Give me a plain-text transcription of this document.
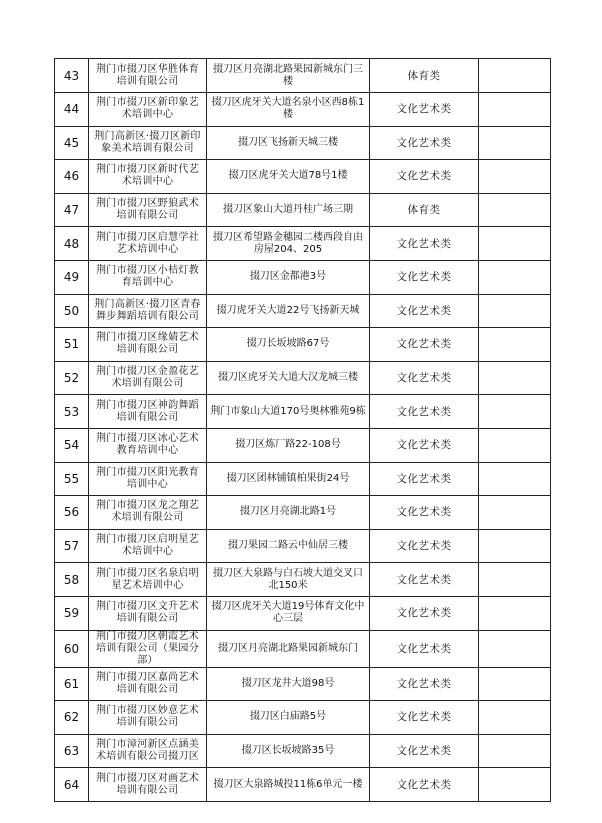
43	荆门市掇刀区华胜体育培训有限公司	掇刀区月亮湖北路果园新城东门三楼	体育类	
44	荆门市掇刀区新印象艺术培训中心	掇刀区虎牙关大道名泉小区西8栋1楼	文化艺术类	
45	荆门高新区·掇刀区新印象美术培训有限公司	掇刀区飞扬新天城三楼	文化艺术类	
46	荆门市掇刀区新时代艺术培训中心	掇刀区虎牙关大道78号1楼	文化艺术类	
47	荆门市掇刀区野狼武术培训有限公司	掇刀区象山大道丹桂广场三期	体育类	
48	荆门市掇刀区启慧学社艺术培训中心	掇刀区希望路金穗园二楼西段自由房屋204、205	文化艺术类	
49	荆门市掇刀区小桔灯教育培训中心	掇刀区金都港3号	文化艺术类	
50	荆门高新区·掇刀区青春舞步舞蹈培训有限公司	掇刀虎牙关大道22号飞扬新天城	文化艺术类	
51	荆门市掇刀区缘婧艺术培训有限公司	掇刀长坂坡路67号	文化艺术类	
52	荆门市掇刀区金盈花艺术培训有限公司	掇刀区虎牙关大道大汉龙城三楼	文化艺术类	
53	荆门市掇刀区神韵舞蹈培训有限公司	荆门市象山大道170号奥林雅苑9栋	文化艺术类	
54	荆门市掇刀区冰心艺术教育培训中心	掇刀区炼厂路22-108号	文化艺术类	
55	荆门市掇刀区阳光教育培训中心	掇刀区团林铺镇柏果街24号	文化艺术类	
56	荆门市掇刀区龙之翔艺术培训有限公司	掇刀区月亮湖北路1号	文化艺术类	
57	荆门市掇刀区启明星艺术培训中心	掇刀果园二路云中仙居三楼	文化艺术类	
58	荆门市掇刀区名泉启明星艺术培训中心	掇刀区大泉路与白石坡大道交叉口北150米	文化艺术类	
59	荆门市掇刀区文升艺术培训有限公司	掇刀区虎牙关大道19号体育文化中心三层	文化艺术类	
60	荆门市掇刀区朝霞艺术培训有限公司（果园分部）	掇刀区月亮湖北路果园新城东门	文化艺术类	
61	荆门市掇刀区嘉尚艺术培训有限公司	掇刀区龙井大道98号	文化艺术类	
62	荆门市掇刀区妙意艺术培训有限公司	掇刀区白庙路5号	文化艺术类	
63	荆门市漳河新区点涵美术培训有限公司掇刀区	掇刀区长坂坡路35号	文化艺术类	
64	荆门市掇刀区对画艺术培训有限公司	掇刀区大泉路城投11栋6单元一楼	文化艺术类	
